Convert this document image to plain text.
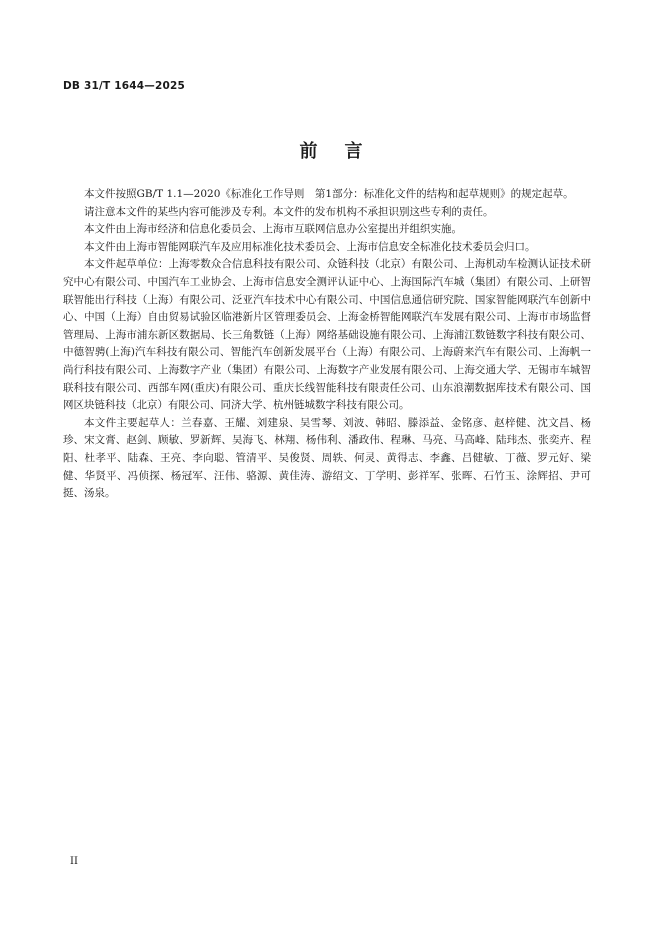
DB 31/T 1644—2025
前 言

本文件按照GB/T 1.1—2020《标准化工作导则　第1部分：标准化文件的结构和起草规则》的规定起草。

请注意本文件的某些内容可能涉及专利。本文件的发布机构不承担识别这些专利的责任。

本文件由上海市经济和信息化委员会、上海市互联网信息办公室提出并组织实施。

本文件由上海市智能网联汽车及应用标准化技术委员会、上海市信息安全标准化技术委员会归口。

本文件起草单位：上海零数众合信息科技有限公司、众链科技（北京）有限公司、上海机动车检测认证技术研究中心有限公司、中国汽车工业协会、上海市信息安全测评认证中心、上海国际汽车城（集团）有限公司、上研智联智能出行科技（上海）有限公司、泛亚汽车技术中心有限公司、中国信息通信研究院、国家智能网联汽车创新中心、中国（上海）自由贸易试验区临港新片区管理委员会、上海金桥智能网联汽车发展有限公司、上海市市场监督管理局、上海市浦东新区数据局、长三角数链（上海）网络基础设施有限公司、上海浦江数链数字科技有限公司、中德智骋(上海)汽车科技有限公司、智能汽车创新发展平台（上海）有限公司、上海蔚来汽车有限公司、上海帆一尚行科技有限公司、上海数字产业（集团）有限公司、上海数字产业发展有限公司、上海交通大学、无锡市车城智联科技有限公司、西部车网(重庆)有限公司、重庆长线智能科技有限责任公司、山东浪潮数据库技术有限公司、国网区块链科技（北京）有限公司、同济大学、杭州链城数字科技有限公司。

本文件主要起草人：兰春嘉、王耀、刘建泉、吴雪琴、刘波、韩昭、滕添益、金铭彦、赵梓健、沈文昌、杨珍、宋文膏、赵剑、顾敏、罗新辉、吴海飞、林翔、杨伟利、潘政伟、程琳、马亮、马高峰、陆玮杰、张奕卉、程阳、杜孝平、陆森、王亮、李向聪、管清平、吴俊贤、周轶、何灵、黄得志、李鑫、吕健敏、丁薇、罗元好、梁健、华贤平、冯侦探、杨冠军、汪伟、骆源、黄佳涛、游绍文、丁学明、彭祥军、张晖、石竹玉、涂辉招、尹可挺、汤泉。

II
